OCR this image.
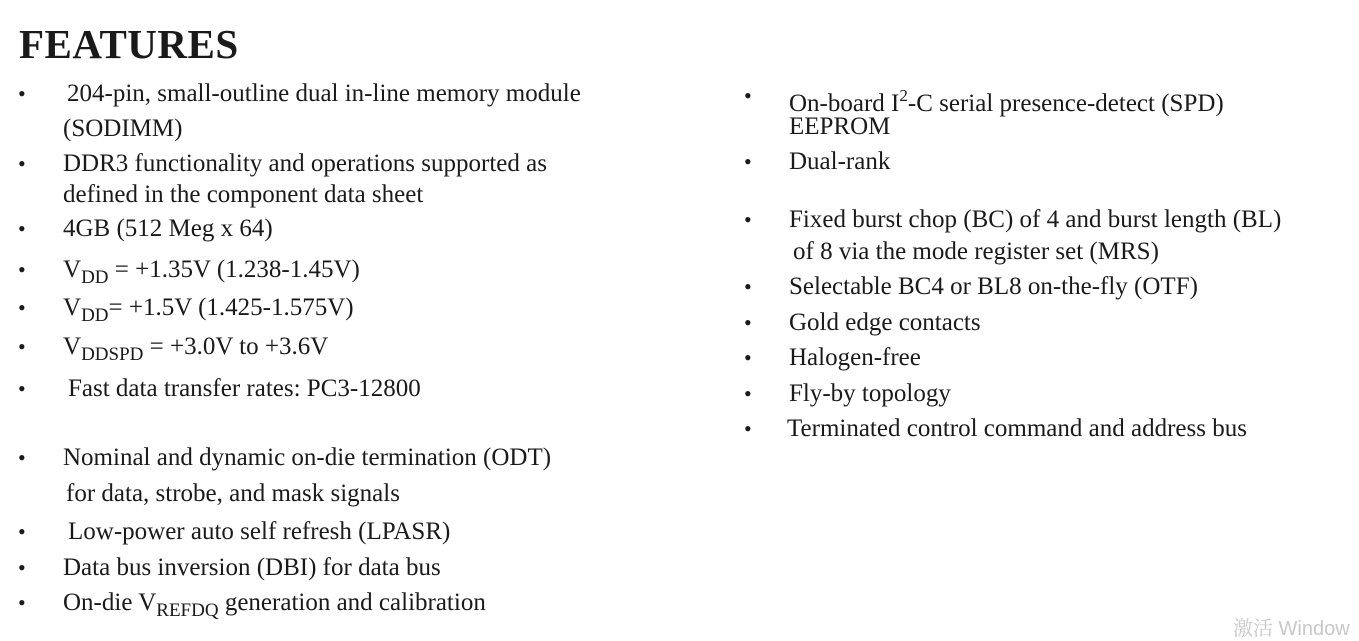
FEATURES
• 204-pin, small-outline dual in-line memory module
(SODIMM)
• DDR3 functionality and operations supported as
defined in the component data sheet
• 4GB (512 Meg x 64)
• $V_{DD} = +1.35V$ (1.238-1.45V)
• $V_{DD}= +1.5V$ (1.425-1.575V)
• $V_{DDSPD} = +3.0V$ to +3.6V
• Fast data transfer rates: PC3-12800
• Nominal and dynamic on-die termination (ODT)
for data, strobe, and mask signals
• Low-power auto self refresh (LPASR)
• Data bus inversion (DBI) for data bus
• On-die $V_{REFDQ}$ generation and calibration
• On-board $I^2-C$ serial presence-detect (SPD)
EEPROM
• Dual-rank
• Fixed burst chop (BC) of 4 and burst length (BL)
of 8 via the mode register set (MRS)
• Selectable BC4 or BL8 on-the-fly (OTF)
• Gold edge contacts
• Halogen-free
• Fly-by topology
• Terminated control command and address bus
激活 Window
